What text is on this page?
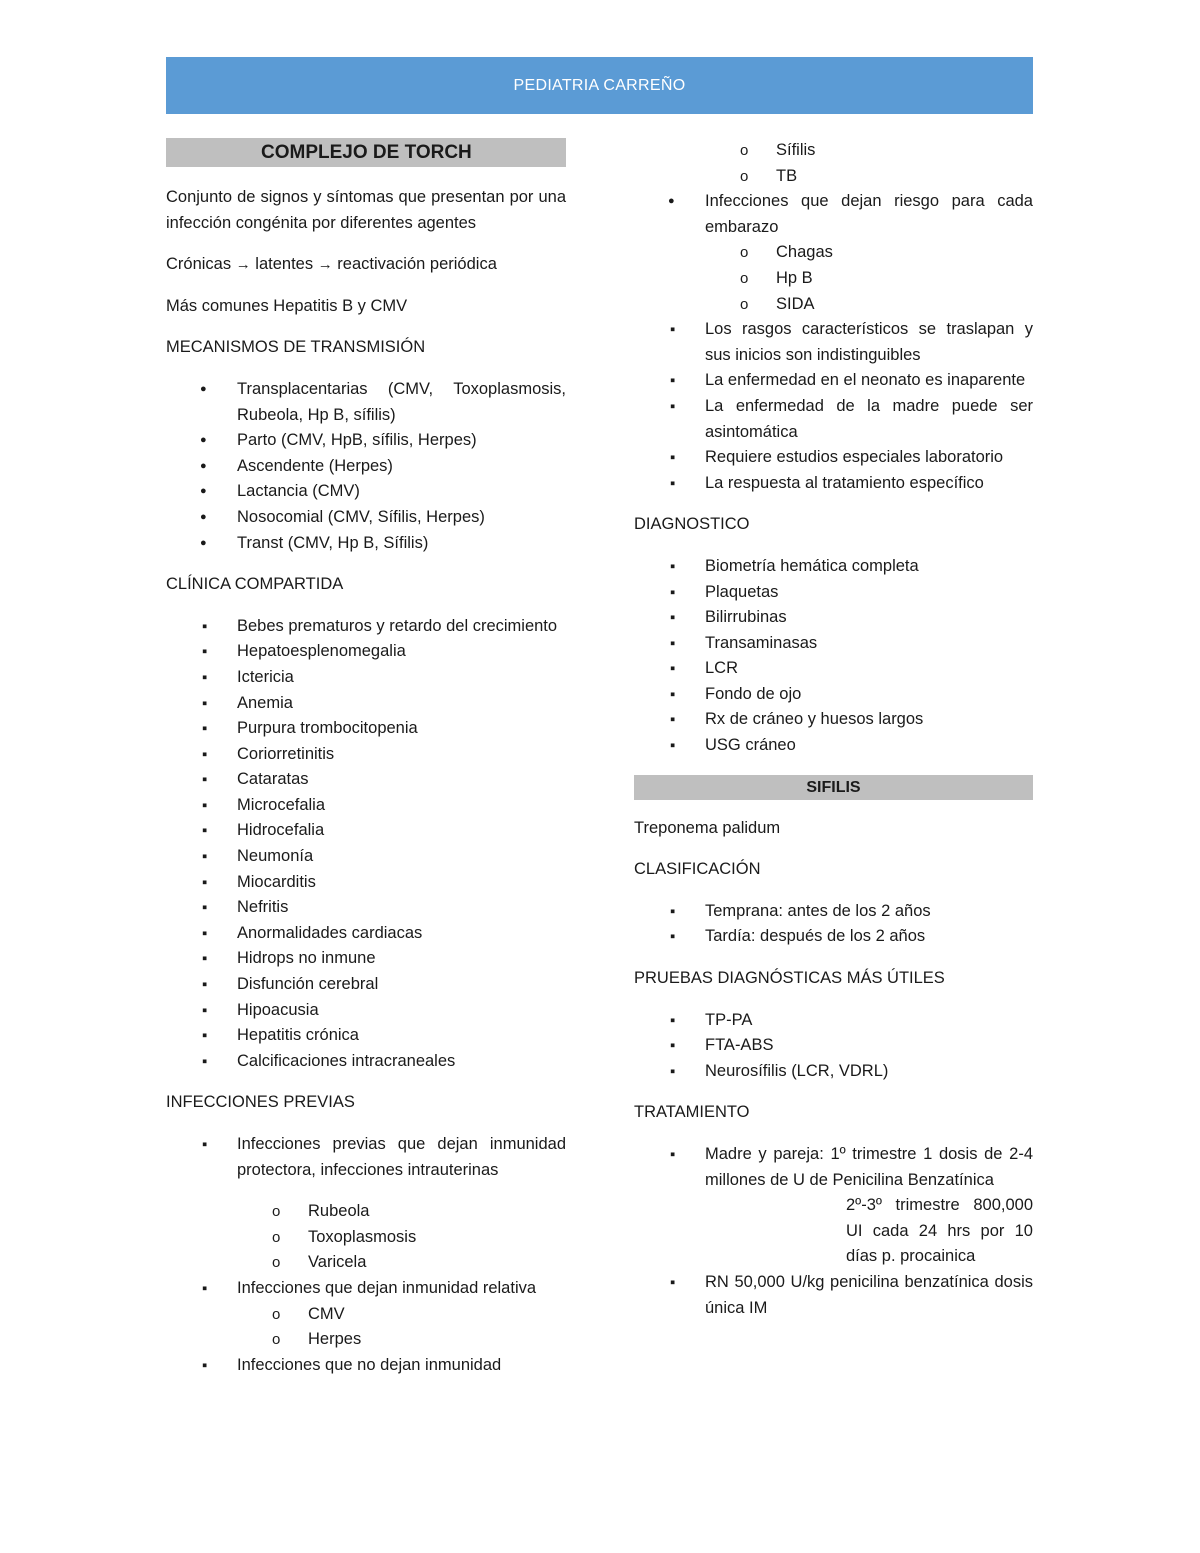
PEDIATRIA CARREÑO
COMPLEJO DE TORCH

Conjunto de signos y síntomas que presentan por una infección congénita por diferentes agentes

Crónicas → latentes → reactivación periódica

Más comunes Hepatitis B y CMV

MECANISMOS DE TRANSMISIÓN

● Transplacentarias (CMV, Toxoplasmosis, Rubeola, Hp B, sífilis)
● Parto (CMV, HpB, sífilis, Herpes)
● Ascendente (Herpes)
● Lactancia (CMV)
● Nosocomial (CMV, Sífilis, Herpes)
● Transt (CMV, Hp B, Sífilis)

CLÍNICA COMPARTIDA

▪ Bebes prematuros y retardo del crecimiento
▪ Hepatoesplenomegalia
▪ Ictericia
▪ Anemia
▪ Purpura trombocitopenia
▪ Coriorretinitis
▪ Cataratas
▪ Microcefalia
▪ Hidrocefalia
▪ Neumonía
▪ Miocarditis
▪ Nefritis
▪ Anormalidades cardiacas
▪ Hidrops no inmune
▪ Disfunción cerebral
▪ Hipoacusia
▪ Hepatitis crónica
▪ Calcificaciones intracraneales

INFECCIONES PREVIAS

▪ Infecciones previas que dejan inmunidad protectora, infecciones intrauterinas
o Rubeola
o Toxoplasmosis
o Varicela
▪ Infecciones que dejan inmunidad relativa
o CMV
o Herpes
▪ Infecciones que no dejan inmunidad
o Sífilis
o TB
● Infecciones que dejan riesgo para cada embarazo
o Chagas
o Hp B
o SIDA
▪ Los rasgos característicos se traslapan y sus inicios son indistinguibles
▪ La enfermedad en el neonato es inaparente
▪ La enfermedad de la madre puede ser asintomática
▪ Requiere estudios especiales laboratorio
▪ La respuesta al tratamiento específico

DIAGNOSTICO

▪ Biometría hemática completa
▪ Plaquetas
▪ Bilirrubinas
▪ Transaminasas
▪ LCR
▪ Fondo de ojo
▪ Rx de cráneo y huesos largos
▪ USG cráneo
SIFILIS

Treponema palidum

CLASIFICACIÓN

▪ Temprana: antes de los 2 años
▪ Tardía: después de los 2 años

PRUEBAS DIAGNÓSTICAS MÁS ÚTILES

▪ TP-PA
▪ FTA-ABS
▪ Neurosífilis (LCR, VDRL)

TRATAMIENTO

▪ Madre y pareja: 1º trimestre 1 dosis de 2-4 millones de U de Penicilina Benzatínica

2º-3º trimestre 800,000 UI cada 24 hrs por 10 días p. procainica

▪ RN 50,000 U/kg penicilina benzatínica dosis única IM
